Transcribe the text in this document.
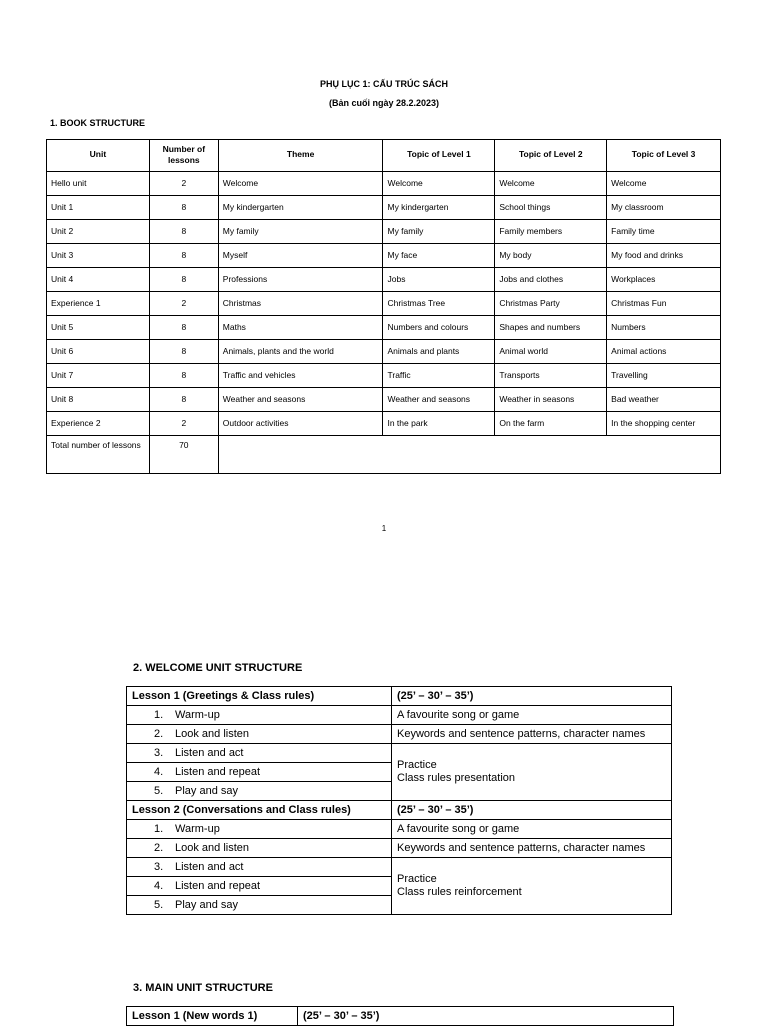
PHỤ LỤC 1: CẤU TRÚC SÁCH
(Bản cuối ngày 28.2.2023)
1. BOOK STRUCTURE
Unit	Number of lessons	Theme	Topic of Level 1	Topic of Level 2	Topic of Level 3
Hello unit	2	Welcome	Welcome	Welcome	Welcome
Unit 1	8	My kindergarten	My kindergarten	School things	My classroom
Unit 2	8	My family	My family	Family members	Family time
Unit 3	8	Myself	My face	My body	My food and drinks
Unit 4	8	Professions	Jobs	Jobs and clothes	Workplaces
Experience 1	2	Christmas	Christmas Tree	Christmas Party	Christmas Fun
Unit 5	8	Maths	Numbers and colours	Shapes and numbers	Numbers
Unit 6	8	Animals, plants and the world	Animals and plants	Animal world	Animal actions
Unit 7	8	Traffic and vehicles	Traffic	Transports	Travelling
Unit 8	8	Weather and seasons	Weather and seasons	Weather in seasons	Bad weather
Experience 2	2	Outdoor activities	In the park	On the farm	In the shopping center
Total number of lessons	70				
1
2. WELCOME UNIT STRUCTURE
Lesson 1 (Greetings & Class rules)	(25’ – 30’ – 35’)
1. Warm-up	A favourite song or game
2. Look and listen	Keywords and sentence patterns, character names
3. Listen and act	Practice
Class rules presentation

4. Listen and repeat	
5. Play and say	
Lesson 2 (Conversations and Class rules)	(25’ – 30’ – 35’)
1. Warm-up	A favourite song or game
2. Look and listen	Keywords and sentence patterns, character names
3. Listen and act	Practice
Class rules reinforcement

4. Listen and repeat	
5. Play and say	
3. MAIN UNIT STRUCTURE
Lesson 1 (New words 1)	(25’ – 30’ – 35’)
